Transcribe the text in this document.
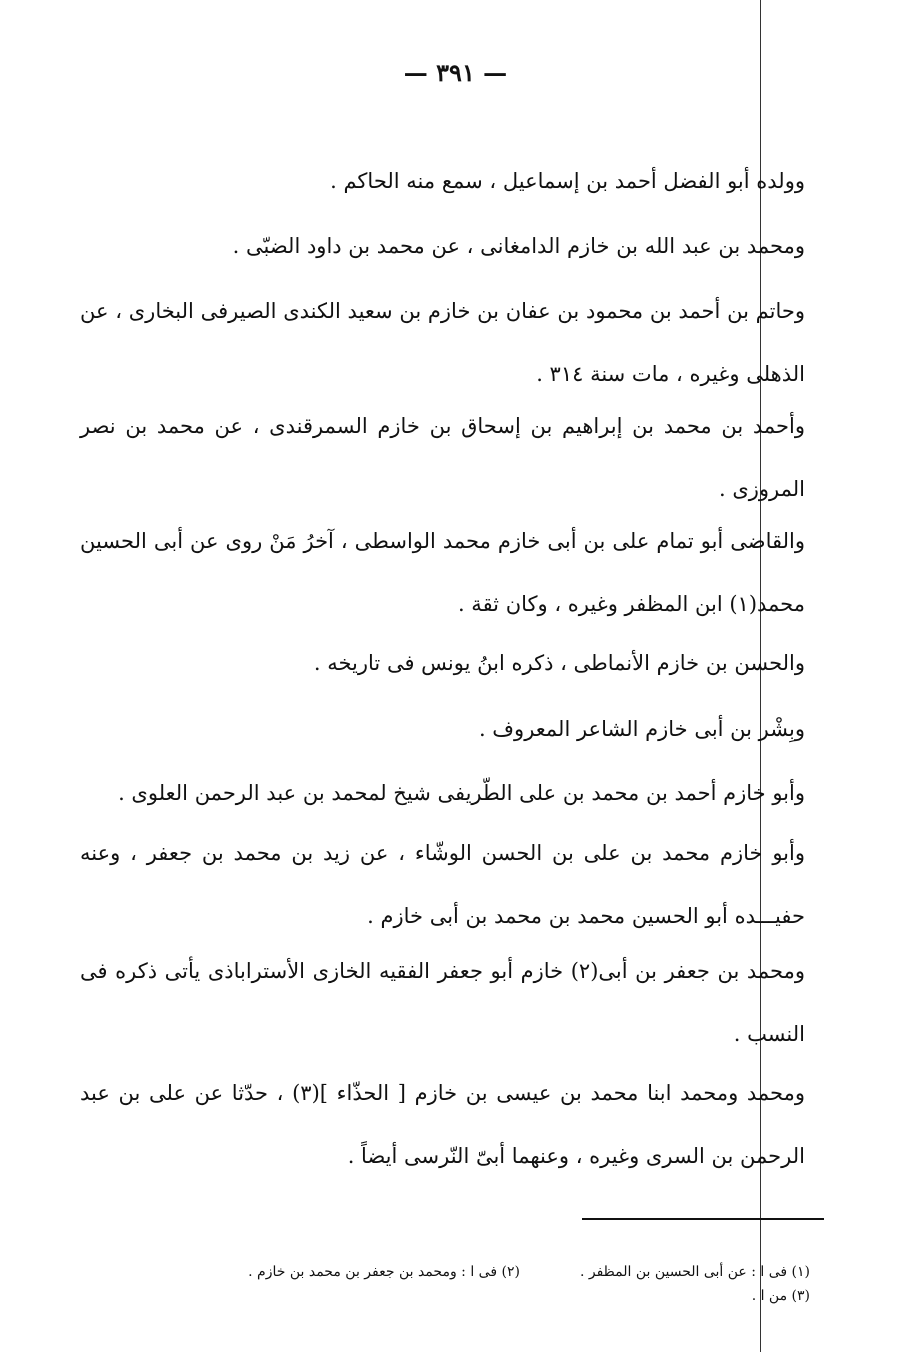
— ٣٩١ —

وولده أبو الفضل أحمد بن إسماعيل ، سمع منه الحاكم .

ومحمد بن عبد الله بن خازم الدامغانى ، عن محمد بن داود الضبّى .

وحاتم بن أحمد بن محمود بن عفان بن خازم بن سعيد الكندى الصيرفى البخارى ، عن الذهلى وغيره ، مات سنة ٣١٤ .

وأحمد بن محمد بن إبراهيم بن إسحاق بن خازم السمرقندى ، عن محمد بن نصر المروزى .

والقاضى أبو تمام على بن أبى خازم محمد الواسطى ، آخرُ مَنْ روى عن أبى الحسين محمد(١) ابن المظفر وغيره ، وكان ثقة .

والحسن بن خازم الأنماطى ، ذكره ابنُ يونس فى تاريخه .

وبِشْر بن أبى خازم الشاعر المعروف .

وأبو خازم أحمد بن محمد بن على الطّريفى شيخ لمحمد بن عبد الرحمن العلوى .

وأبو خازم محمد بن على بن الحسن الوشّاء ، عن زيد بن محمد بن جعفر ، وعنه حفيـــده أبو الحسين محمد بن محمد بن أبى خازم .

ومحمد بن جعفر بن أبى(٢) خازم أبو جعفر الفقيه الخازى الأستراباذى يأتى ذكره فى النسب .

ومحمد ومحمد ابنا محمد بن عيسى بن خازم [ الحذّاء ](٣) ، حدّثا عن على بن عبد الرحمن بن السرى وغيره ، وعنهما أبىّ النّرسى أيضاً .

(١) فى ا : عن أبى الحسين بن المظفر .
(٢) فى ا : ومحمد بن جعفر بن محمد بن خازم .
(٣) من ا .
